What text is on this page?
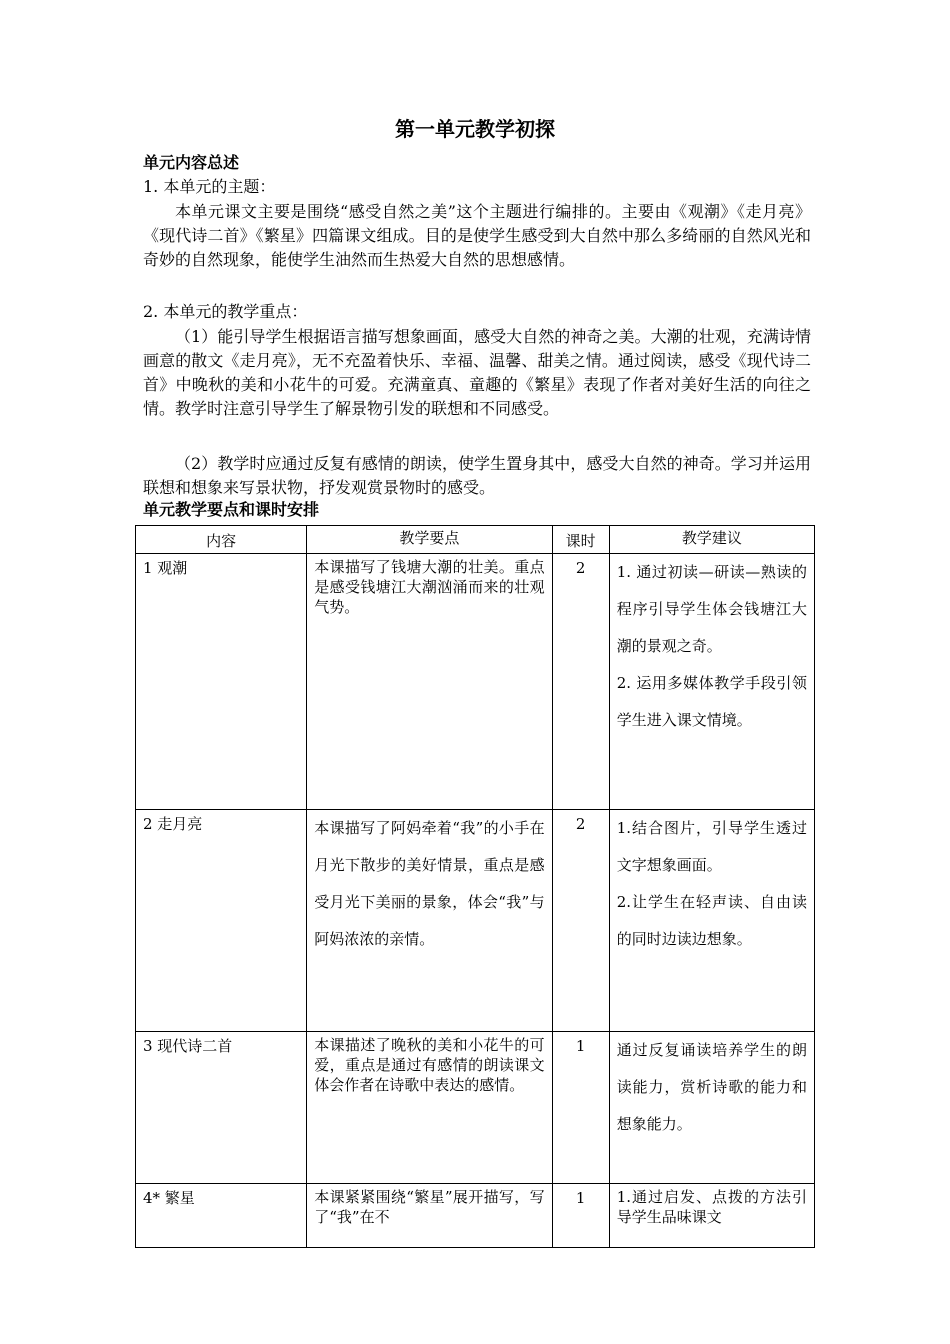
第一单元教学初探
单元内容总述
1. 本单元的主题：

本单元课文主要是围绕“感受自然之美”这个主题进行编排的。主要由《观潮》《走月亮》《现代诗二首》《繁星》四篇课文组成。目的是使学生感受到大自然中那么多绮丽的自然风光和奇妙的自然现象，能使学生油然而生热爱大自然的思想感情。

2. 本单元的教学重点：

（1）能引导学生根据语言描写想象画面，感受大自然的神奇之美。大潮的壮观，充满诗情画意的散文《走月亮》，无不充盈着快乐、幸福、温馨、甜美之情。通过阅读，感受《现代诗二首》中晚秋的美和小花牛的可爱。充满童真、童趣的《繁星》表现了作者对美好生活的向往之情。教学时注意引导学生了解景物引发的联想和不同感受。

（2）教学时应通过反复有感情的朗读，使学生置身其中，感受大自然的神奇。学习并运用联想和想象来写景状物，抒发观赏景物时的感受。

单元教学要点和课时安排
内容	教学要点	课时	教学建议
1 观潮	本课描写了钱塘大潮的壮美。重点是感受钱塘江大潮汹涌而来的壮观气势。	2	1. 通过初读—研读—熟读的程序引导学生体会钱塘江大潮的景观之奇。
2. 运用多媒体教学手段引领学生进入课文情境。

2 走月亮	本课描写了阿妈牵着“我”的小手在月光下散步的美好情景，重点是感受月光下美丽的景象，体会“我”与阿妈浓浓的亲情。	2	1.结合图片，引导学生透过文字想象画面。
2.让学生在轻声读、自由读的同时边读边想象。

3 现代诗二首	本课描述了晚秋的美和小花牛的可爱，重点是通过有感情的朗读课文体会作者在诗歌中表达的感情。	1	通过反复诵读培养学生的朗读能力，赏析诗歌的能力和想象能力。

4* 繁星	本课紧紧围绕“繁星”展开描写，写了“我”在不	1	1.通过启发、点拨的方法引导学生品味课文
